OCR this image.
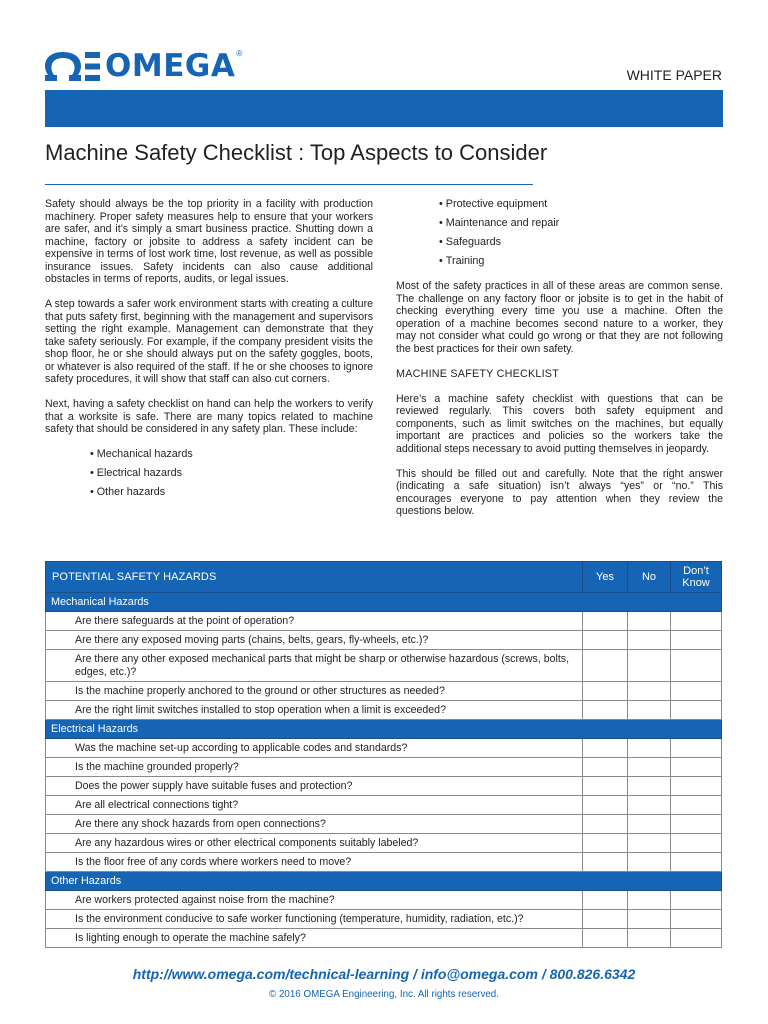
OMEGA ®
WHITE PAPER
Machine Safety Checklist : Top Aspects to Consider

Safety should always be the top priority in a facility with production machinery. Proper safety measures help to ensure that your workers are safer, and it’s simply a smart business practice. Shutting down a machine, factory or jobsite to address a safety incident can be expensive in terms of lost work time, lost revenue, as well as possible insurance issues. Safety incidents can also cause additional obstacles in terms of reports, audits, or legal issues.

A step towards a safer work environment starts with creating a culture that puts safety first, beginning with the management and supervisors setting the right example. Management can demonstrate that they take safety seriously. For example, if the company president visits the shop floor, he or she should always put on the safety goggles, boots, or whatever is also required of the staff. If he or she chooses to ignore safety procedures, it will show that staff can also cut corners.

Next, having a safety checklist on hand can help the workers to verify that a worksite is safe. There are many topics related to machine safety that should be considered in any safety plan. These include:

• Mechanical hazards
• Electrical hazards
• Other hazards
• Protective equipment
• Maintenance and repair
• Safeguards
• Training

Most of the safety practices in all of these areas are common sense. The challenge on any factory floor or jobsite is to get in the habit of checking everything every time you use a machine. Often the operation of a machine becomes second nature to a worker, they may not consider what could go wrong or that they are not following the best practices for their own safety.

MACHINE SAFETY CHECKLIST

Here’s a machine safety checklist with questions that can be reviewed regularly. This covers both safety equipment and components, such as limit switches on the machines, but equally important are practices and policies so the workers take the additional steps necessary to avoid putting themselves in jeopardy.

This should be filled out and carefully. Note that the right answer (indicating a safe situation) isn’t always “yes” or “no.” This encourages everyone to pay attention when they review the questions below.

POTENTIAL SAFETY HAZARDS	Yes	No	Don’t Know
Mechanical Hazards			
Are there safeguards at the point of operation?			
Are there any exposed moving parts (chains, belts, gears, fly-wheels, etc.)?			
Are there any other exposed mechanical parts that might be sharp or otherwise hazardous (screws, bolts, edges, etc.)?			
Is the machine properly anchored to the ground or other structures as needed?			
Are the right limit switches installed to stop operation when a limit is exceeded?			
Electrical Hazards			
Was the machine set-up according to applicable codes and standards?			
Is the machine grounded properly?			
Does the power supply have suitable fuses and protection?			
Are all electrical connections tight?			
Are there any shock hazards from open connections?			
Are any hazardous wires or other electrical components suitably labeled?			
Is the floor free of any cords where workers need to move?			
Other Hazards			
Are workers protected against noise from the machine?			
Is the environment conducive to safe worker functioning (temperature, humidity, radiation, etc.)?			
Is lighting enough to operate the machine safely?			
http://www.omega.com/technical-learning / info@omega.com / 800.826.6342
© 2016 OMEGA Engineering, Inc. All rights reserved.
